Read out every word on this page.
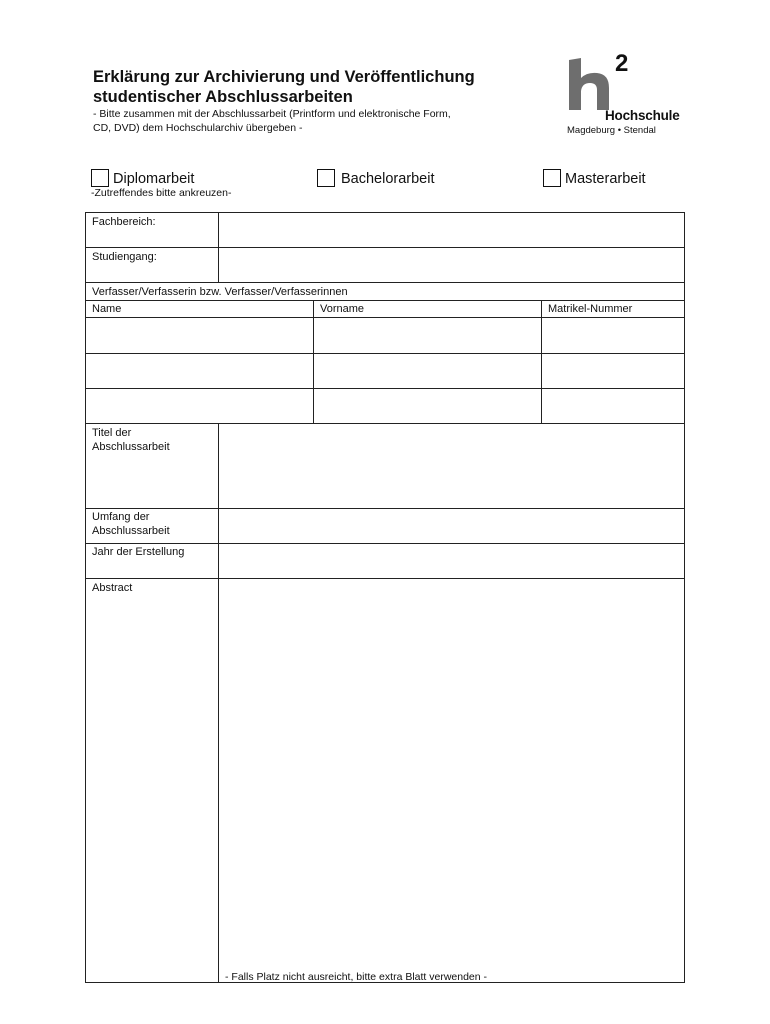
Erklärung zur Archivierung und Veröffentlichung
studentischer Abschlussarbeiten
- Bitte zusammen mit der Abschlussarbeit (Printform und elektronische Form,
CD, DVD) dem Hochschularchiv übergeben -
2
Hochschule
Magdeburg • Stendal
Diplomarbeit	Bachelorarbeit	Masterarbeit
-Zutreffendes bitte ankreuzen-
Fachbereich:
Studiengang:
Verfasser/Verfasserin bzw. Verfasser/Verfasserinnen
Name	Vorname	Matrikel-Nummer
Titel der
Abschlussarbeit
Umfang der
Abschlussarbeit
Jahr der Erstellung
Abstract
- Falls Platz nicht ausreicht, bitte extra Blatt verwenden -
